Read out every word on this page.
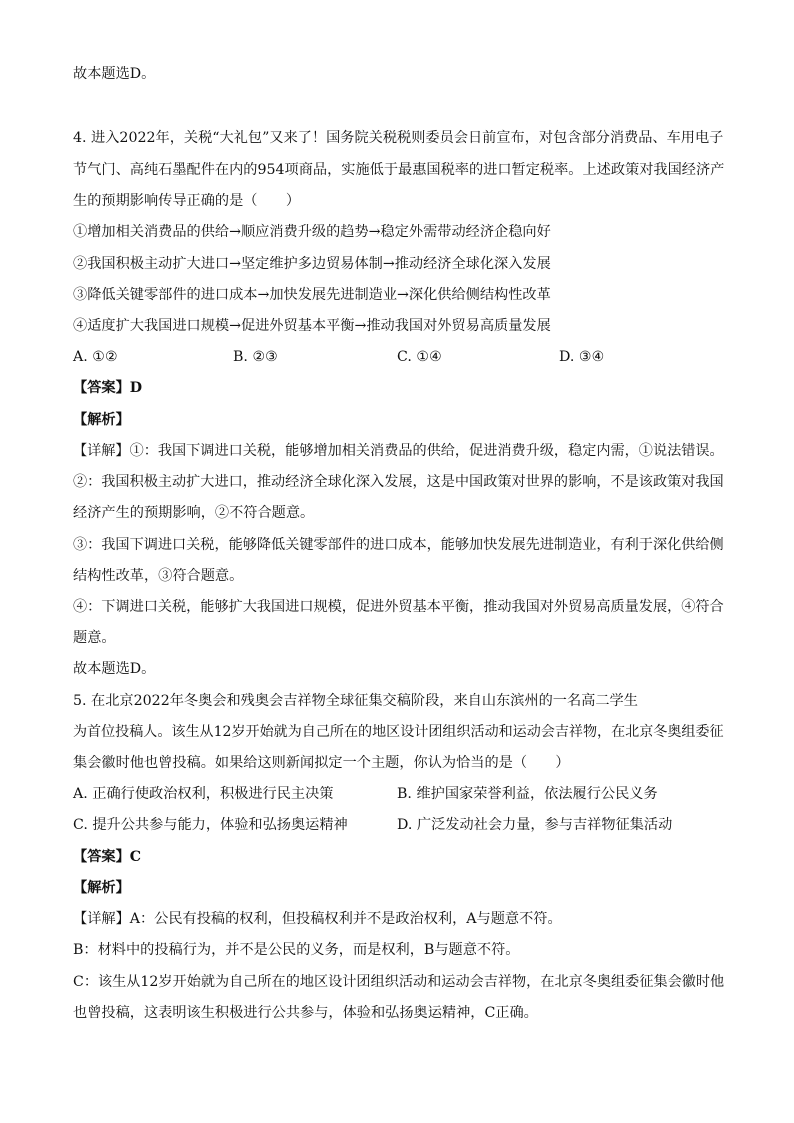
故本题选D。
4. 进入2022年，关税“大礼包”又来了！国务院关税税则委员会日前宣布，对包含部分消费品、车用电子
节气门、高纯石墨配件在内的954项商品，实施低于最惠国税率的进口暂定税率。上述政策对我国经济产
生的预期影响传导正确的是（　　）
①增加相关消费品的供给→顺应消费升级的趋势→稳定外需带动经济企稳向好
②我国积极主动扩大进口→坚定维护多边贸易体制→推动经济全球化深入发展
③降低关键零部件的进口成本→加快发展先进制造业→深化供给侧结构性改革
④适度扩大我国进口规模→促进外贸基本平衡→推动我国对外贸易高质量发展
A. ①②	B. ②③	C. ①④	D. ③④
【答案】D
【解析】
【详解】①：我国下调进口关税，能够增加相关消费品的供给，促进消费升级，稳定内需，①说法错误。
②：我国积极主动扩大进口，推动经济全球化深入发展，这是中国政策对世界的影响，不是该政策对我国
经济产生的预期影响，②不符合题意。
③：我国下调进口关税，能够降低关键零部件的进口成本，能够加快发展先进制造业，有利于深化供给侧
结构性改革，③符合题意。
④：下调进口关税，能够扩大我国进口规模，促进外贸基本平衡，推动我国对外贸易高质量发展，④符合
题意。
故本题选D。
5. 在北京2022年冬奥会和残奥会吉祥物全球征集交稿阶段，来自山东滨州的一名高二学生
为首位投稿人。该生从12岁开始就为自己所在的地区设计团组织活动和运动会吉祥物，在北京冬奥组委征
集会徽时他也曾投稿。如果给这则新闻拟定一个主题，你认为恰当的是（　　）
A. 正确行使政治权利，积极进行民主决策	B. 维护国家荣誉利益，依法履行公民义务
C. 提升公共参与能力，体验和弘扬奥运精神	D. 广泛发动社会力量，参与吉祥物征集活动
【答案】C
【解析】
【详解】A：公民有投稿的权利，但投稿权利并不是政治权利，A与题意不符。
B：材料中的投稿行为，并不是公民的义务，而是权利，B与题意不符。
C：该生从12岁开始就为自己所在的地区设计团组织活动和运动会吉祥物，在北京冬奥组委征集会徽时他
也曾投稿，这表明该生积极进行公共参与，体验和弘扬奥运精神，C正确。
